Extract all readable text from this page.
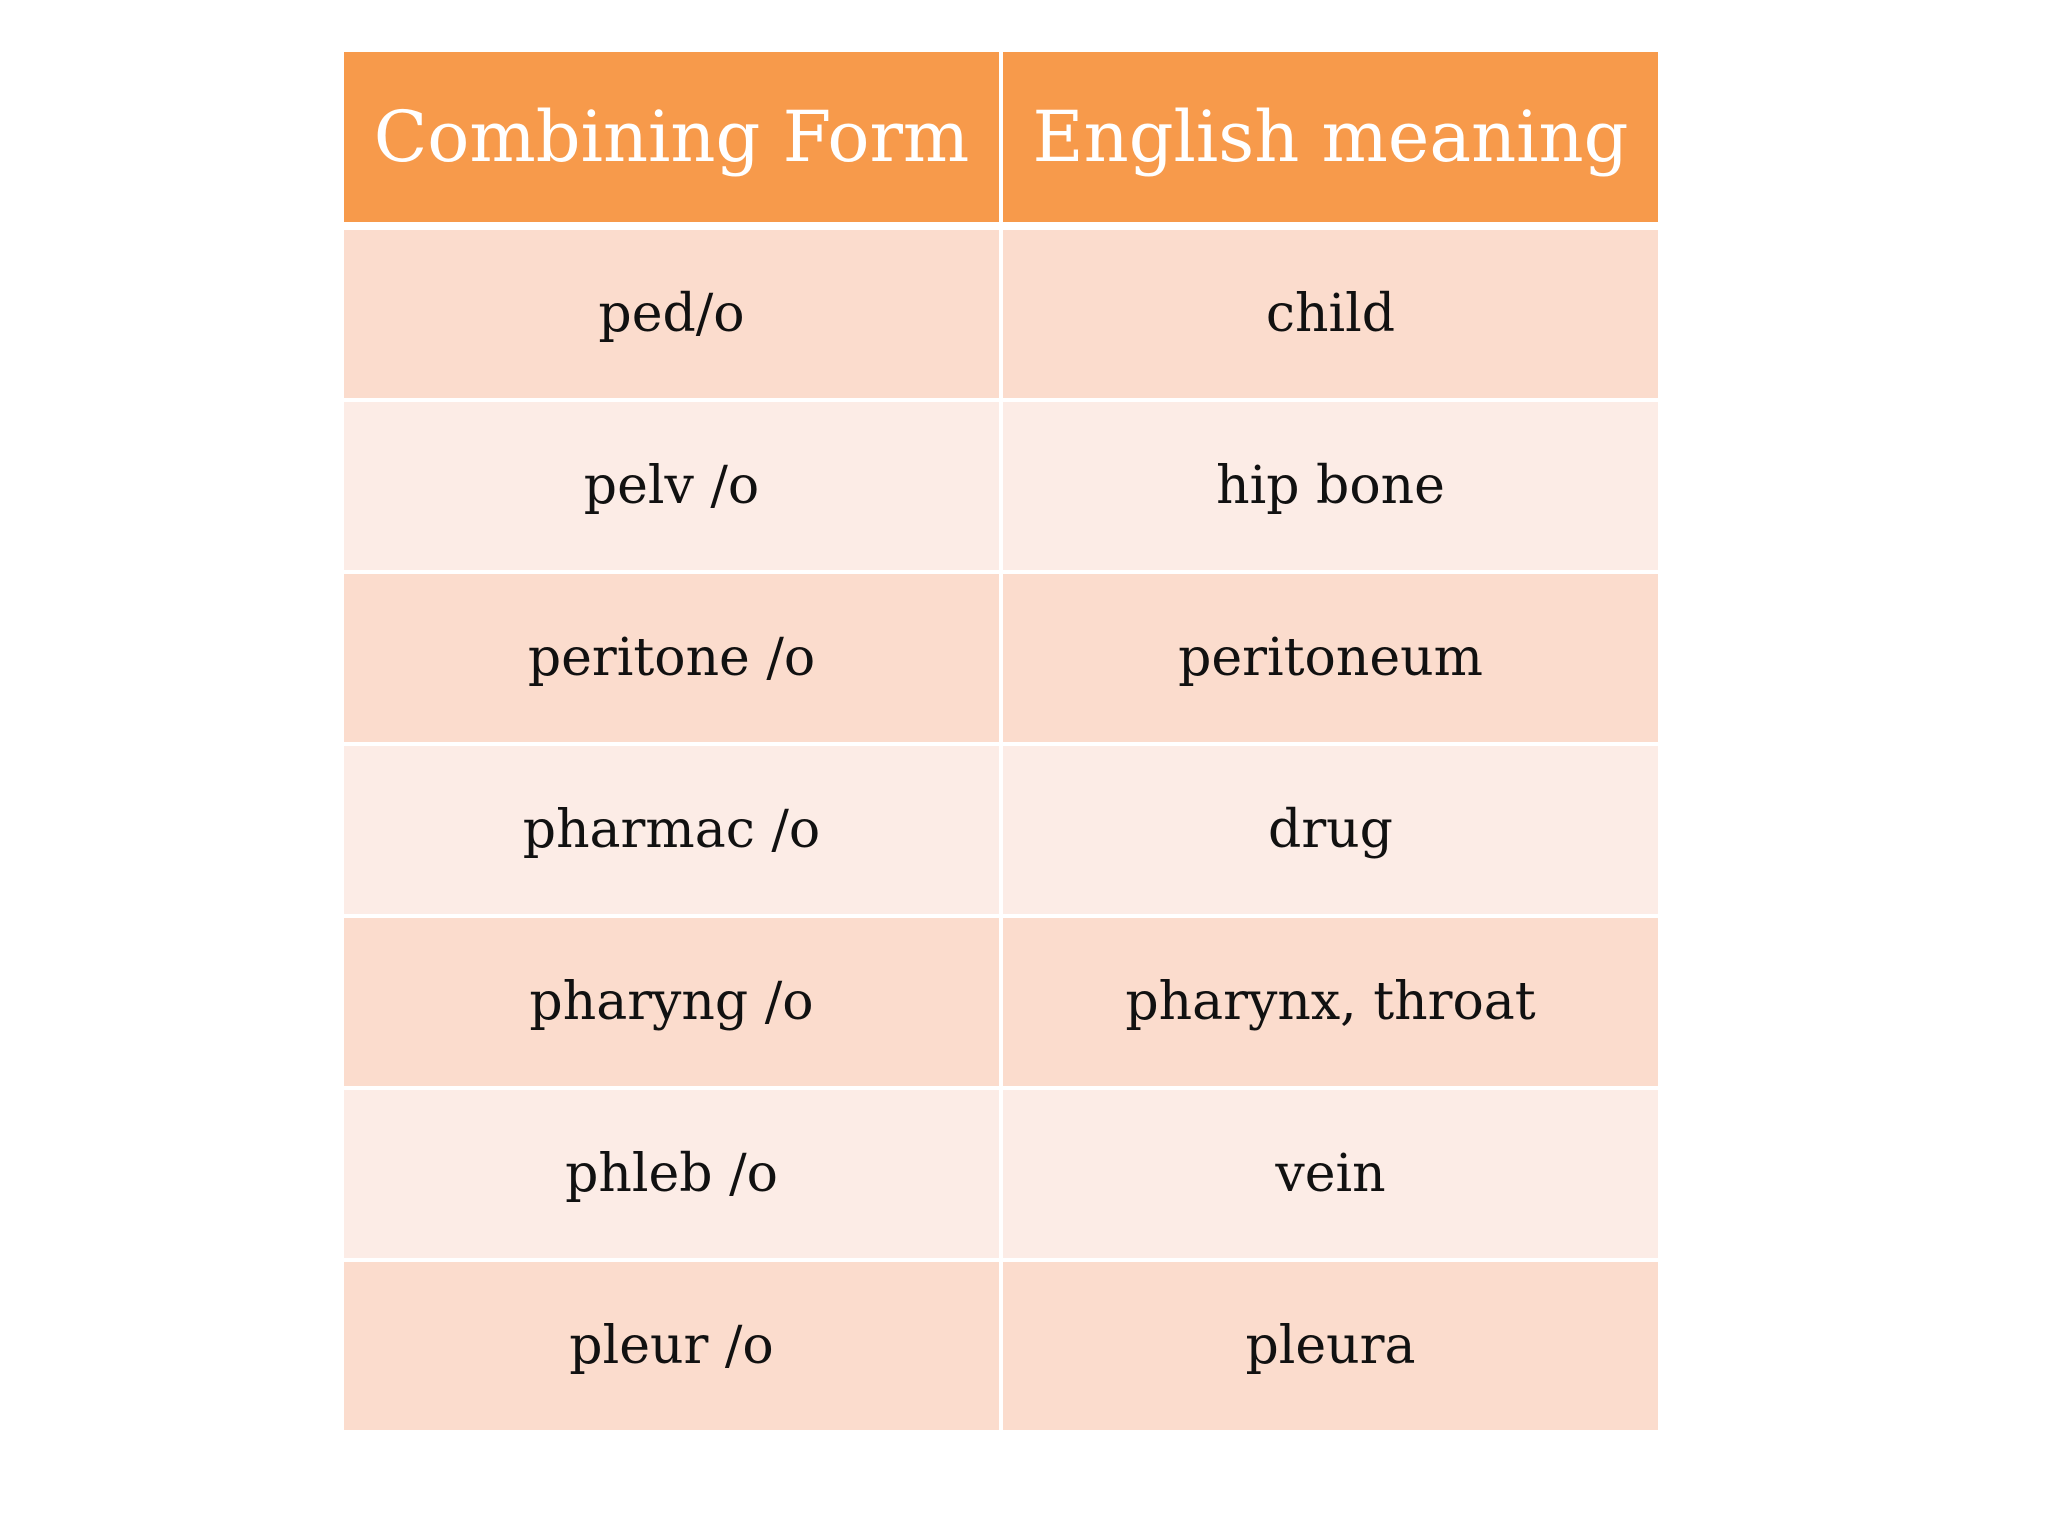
Combining Form	English meaning
ped/o	child
pelv /o	hip bone
peritone /o	peritoneum
pharmac /o	drug
pharyng /o	pharynx, throat
phleb /o	vein
pleur /o	pleura
